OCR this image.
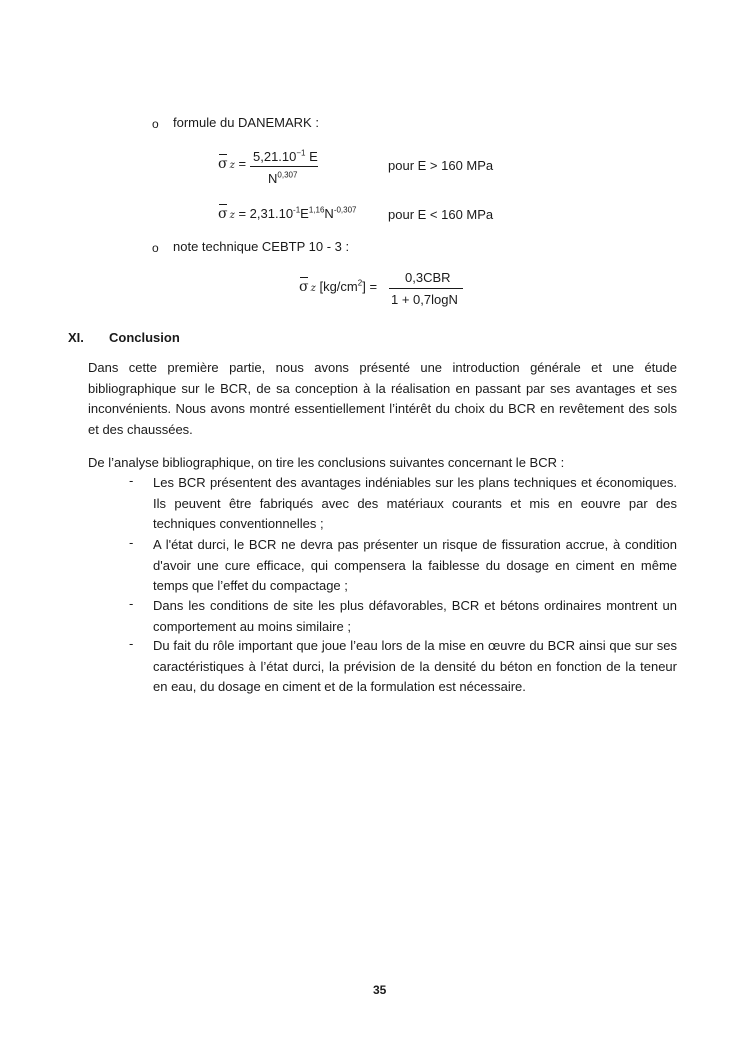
o formule du DANEMARK :
σ $z = 5,21.10^{-1}$ E
N$^{0,307}$
pour E > 160 MPa
σ $z = 2,31.10^{-1}E^{1,16}N^{-0,307}$ pour E < 160 MPa
o note technique CEBTP 10 - 3 :
σ z $[kg/cm^2]$ =
0,3CBR
1 + 0,7logN
XI. Conclusion
Dans cette première partie, nous avons présenté une introduction générale et une étude bibliographique sur le BCR, de sa conception à la réalisation en passant par ses avantages et ses inconvénients. Nous avons montré essentiellement l’intérêt du choix du BCR en revêtement des sols et des chaussées.
De l’analyse bibliographique, on tire les conclusions suivantes concernant le BCR :
- Les BCR présentent des avantages indéniables sur les plans techniques et économiques. Ils peuvent être fabriqués avec des matériaux courants et mis en eouvre par des techniques conventionnelles ;
- A l'état durci, le BCR ne devra pas présenter un risque de fissuration accrue, à condition d'avoir une cure efficace, qui compensera la faiblesse du dosage en ciment en même temps que l’effet du compactage ;
- Dans les conditions de site les plus défavorables, BCR et bétons ordinaires montrent un comportement au moins similaire ;
- Du fait du rôle important que joue l’eau lors de la mise en œuvre du BCR ainsi que sur ses caractéristiques à l’état durci, la prévision de la densité du béton en fonction de la teneur en eau, du dosage en ciment et de la formulation est nécessaire.
35
